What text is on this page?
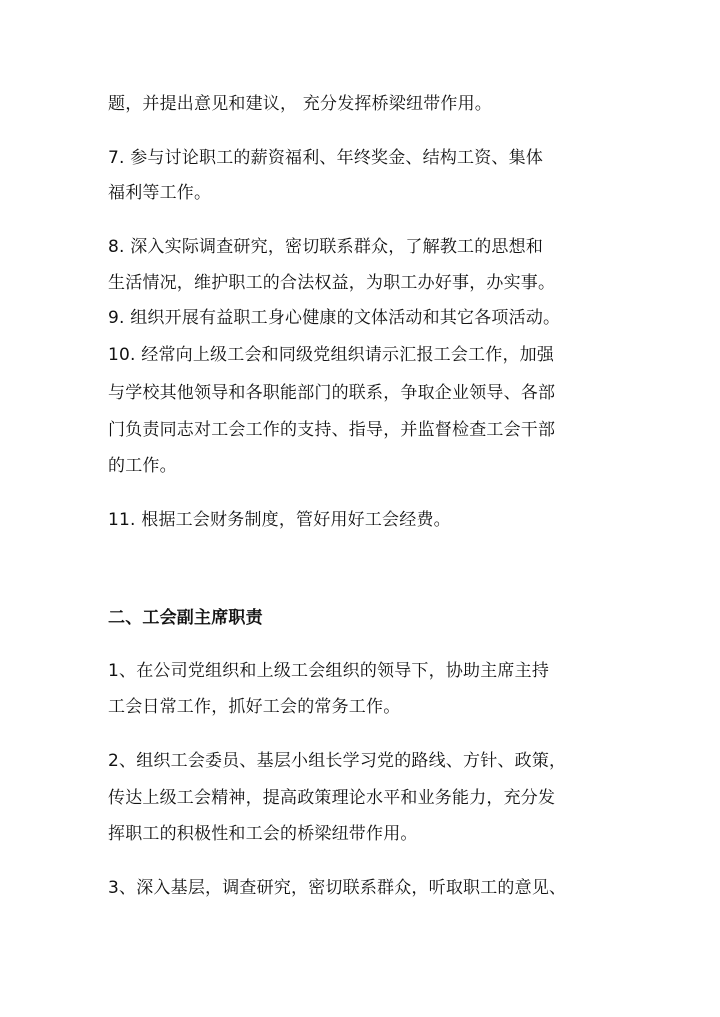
题，并提出意见和建议， 充分发挥桥梁纽带作用。
7. 参与讨论职工的薪资福利、年终奖金、结构工资、集体
福利等工作。
8. 深入实际调查研究，密切联系群众，了解教工的思想和
生活情况，维护职工的合法权益，为职工办好事，办实事。
9. 组织开展有益职工身心健康的文体活动和其它各项活动。
10. 经常向上级工会和同级党组织请示汇报工会工作，加强
与学校其他领导和各职能部门的联系，争取企业领导、各部
门负责同志对工会工作的支持、指导，并监督检查工会干部
的工作。
11. 根据工会财务制度，管好用好工会经费。
二、工会副主席职责
1、在公司党组织和上级工会组织的领导下，协助主席主持
工会日常工作，抓好工会的常务工作。
2、组织工会委员、基层小组长学习党的路线、方针、政策，
传达上级工会精神，提高政策理论水平和业务能力，充分发
挥职工的积极性和工会的桥梁纽带作用。
3、深入基层，调查研究，密切联系群众，听取职工的意见、
